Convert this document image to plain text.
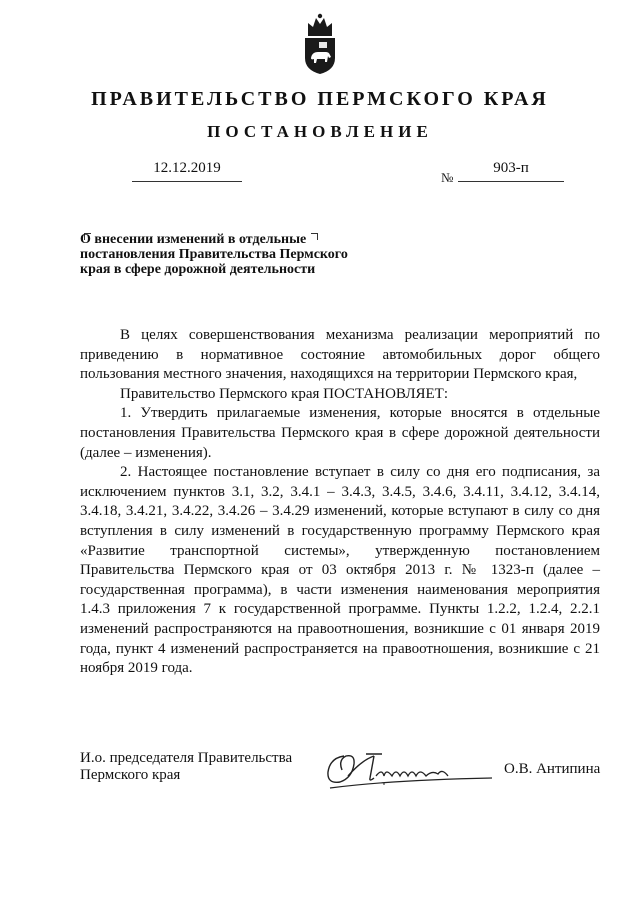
ПРАВИТЕЛЬСТВО ПЕРМСКОГО КРАЯ
ПОСТАНОВЛЕНИЕ
12.12.2019
№
903-п
О внесении изменений в отдельные постановления Правительства Пермского края в сфере дорожной деятельности

В целях совершенствования механизма реализации мероприятий по приведению в нормативное состояние автомобильных дорог общего пользования местного значения, находящихся на территории Пермского края,

Правительство Пермского края ПОСТАНОВЛЯЕТ:

1. Утвердить прилагаемые изменения, которые вносятся в отдельные постановления Правительства Пермского края в сфере дорожной деятельности (далее – изменения).

2. Настоящее постановление вступает в силу со дня его подписания, за исключением пунктов 3.1, 3.2, 3.4.1 – 3.4.3, 3.4.5, 3.4.6, 3.4.11, 3.4.12, 3.4.14, 3.4.18, 3.4.21, 3.4.22, 3.4.26 – 3.4.29 изменений, которые вступают в силу со дня вступления в силу изменений в государственную программу Пермского края «Развитие транспортной системы», утвержденную постановлением Правительства Пермского края от 03 октября 2013 г. № 1323-п (далее – государственная программа), в части изменения наименования мероприятия 1.4.3 приложения 7 к государственной программе. Пункты 1.2.2, 1.2.4, 2.2.1 изменений распространяются на правоотношения, возникшие с 01 января 2019 года, пункт 4 изменений распространяется на правоотношения, возникшие с 21 ноября 2019 года.

И.о. председателя Правительства
Пермского края	О.В. Антипина
